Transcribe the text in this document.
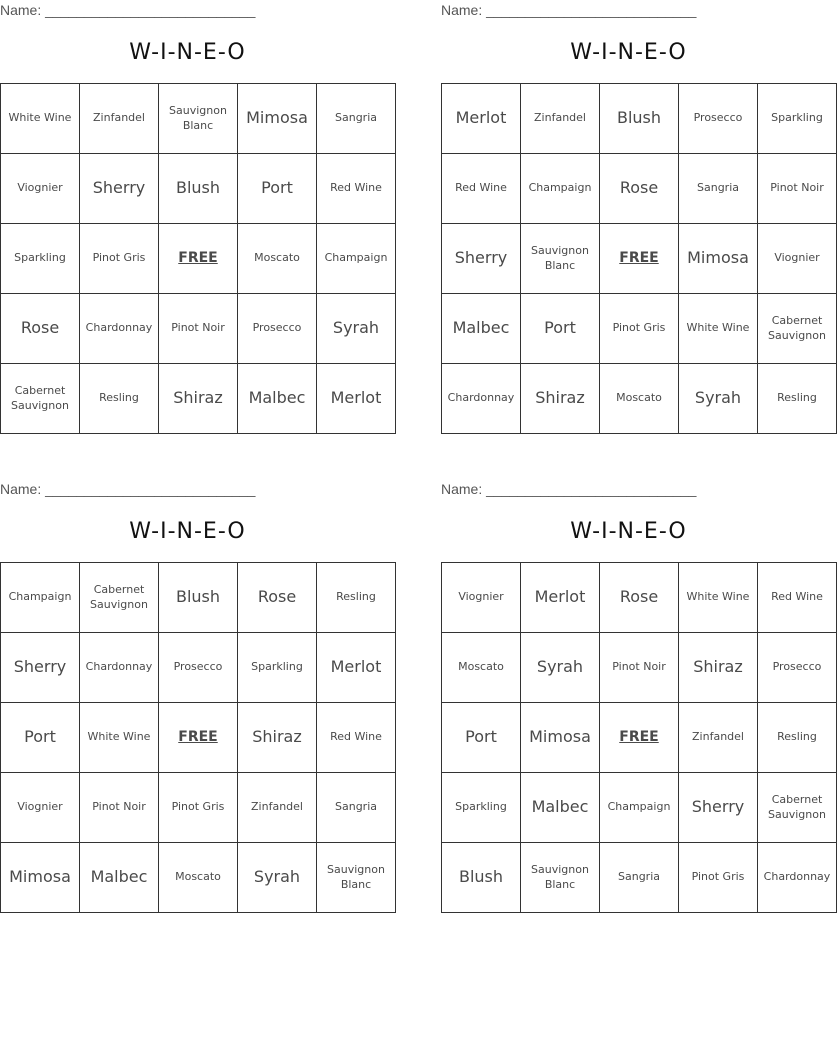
Name: ___________________________
W-I-N-E-O
White Wine	Zinfandel	Sauvignon Blanc	Mimosa	Sangria
Viognier	Sherry	Blush	Port	Red Wine
Sparkling	Pinot Gris	FREE	Moscato	Champaign
Rose	Chardonnay	Pinot Noir	Prosecco	Syrah
Cabernet Sauvignon	Resling	Shiraz	Malbec	Merlot
Name: ___________________________
W-I-N-E-O
Merlot	Zinfandel	Blush	Prosecco	Sparkling
Red Wine	Champaign	Rose	Sangria	Pinot Noir
Sherry	Sauvignon Blanc	FREE	Mimosa	Viognier
Malbec	Port	Pinot Gris	White Wine	Cabernet Sauvignon
Chardonnay	Shiraz	Moscato	Syrah	Resling
Name: ___________________________
W-I-N-E-O
Champaign	Cabernet Sauvignon	Blush	Rose	Resling
Sherry	Chardonnay	Prosecco	Sparkling	Merlot
Port	White Wine	FREE	Shiraz	Red Wine
Viognier	Pinot Noir	Pinot Gris	Zinfandel	Sangria
Mimosa	Malbec	Moscato	Syrah	Sauvignon Blanc
Name: ___________________________
W-I-N-E-O
Viognier	Merlot	Rose	White Wine	Red Wine
Moscato	Syrah	Pinot Noir	Shiraz	Prosecco
Port	Mimosa	FREE	Zinfandel	Resling
Sparkling	Malbec	Champaign	Sherry	Cabernet Sauvignon
Blush	Sauvignon Blanc	Sangria	Pinot Gris	Chardonnay
